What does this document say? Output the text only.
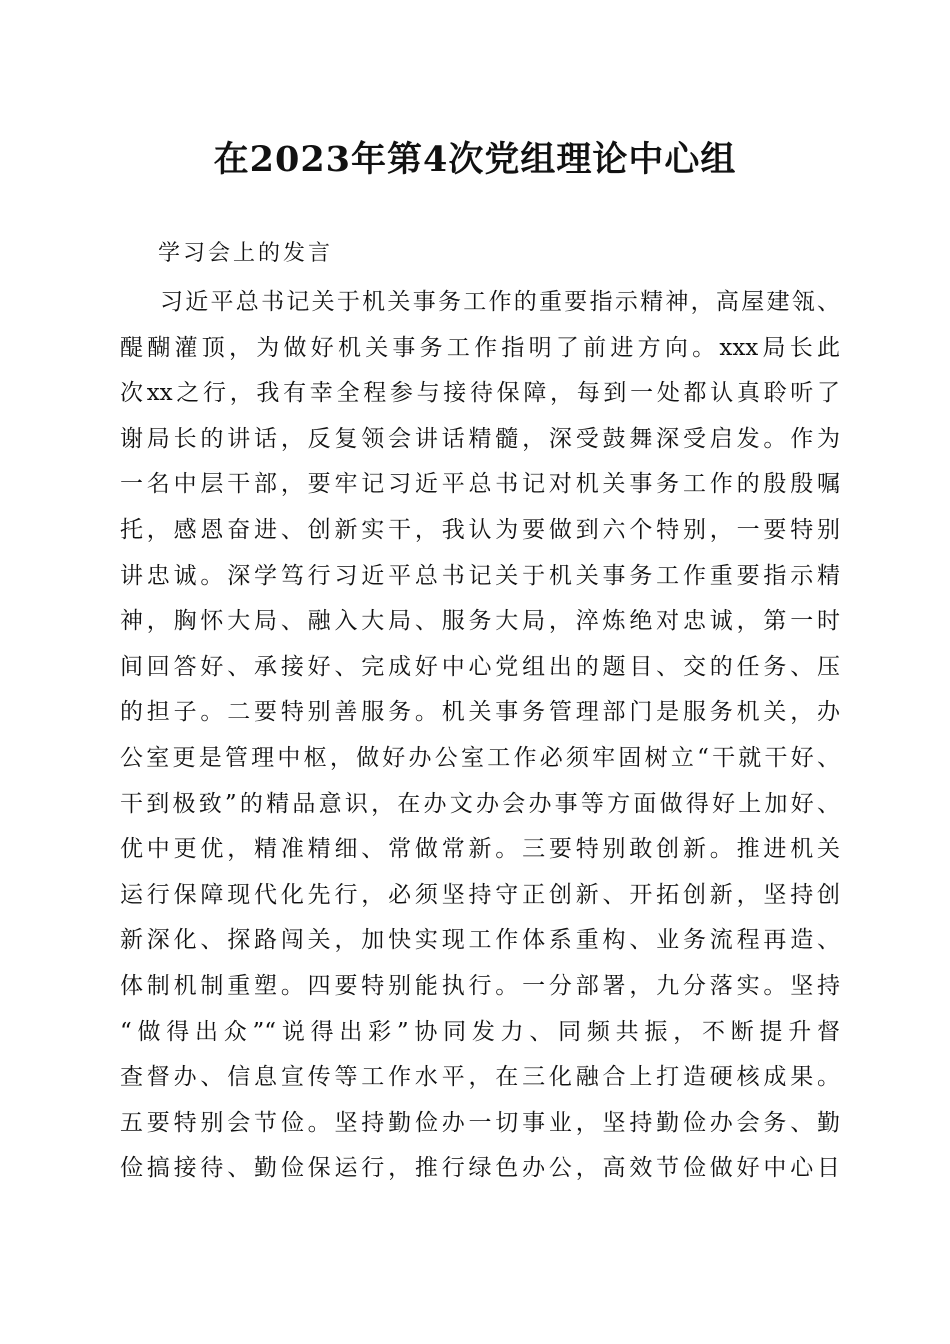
在2023年第4次党组理论中心组

学习会上的发言

习近平总书记关于机关事务工作的重要指示精神，高屋建瓴、
醍醐灌顶，为做好机关事务工作指明了前进方向。xxx局长此
次xx之行，我有幸全程参与接待保障，每到一处都认真聆听了
谢局长的讲话，反复领会讲话精髓，深受鼓舞深受启发。作为
一名中层干部，要牢记习近平总书记对机关事务工作的殷殷嘱
托，感恩奋进、创新实干，我认为要做到六个特别，一要特别
讲忠诚。深学笃行习近平总书记关于机关事务工作重要指示精
神，胸怀大局、融入大局、服务大局，淬炼绝对忠诚，第一时
间回答好、承接好、完成好中心党组出的题目、交的任务、压
的担子。二要特别善服务。机关事务管理部门是服务机关，办
公室更是管理中枢，做好办公室工作必须牢固树立“干就干好、
干到极致”的精品意识，在办文办会办事等方面做得好上加好、
优中更优，精准精细、常做常新。三要特别敢创新。推进机关
运行保障现代化先行，必须坚持守正创新、开拓创新，坚持创
新深化、探路闯关，加快实现工作体系重构、业务流程再造、
体制机制重塑。四要特别能执行。一分部署，九分落实。坚持
“做得出众”“说得出彩”协同发力、同频共振，不断提升督
查督办、信息宣传等工作水平，在三化融合上打造硬核成果。
五要特别会节俭。坚持勤俭办一切事业，坚持勤俭办会务、勤
俭搞接待、勤俭保运行，推行绿色办公，高效节俭做好中心日
